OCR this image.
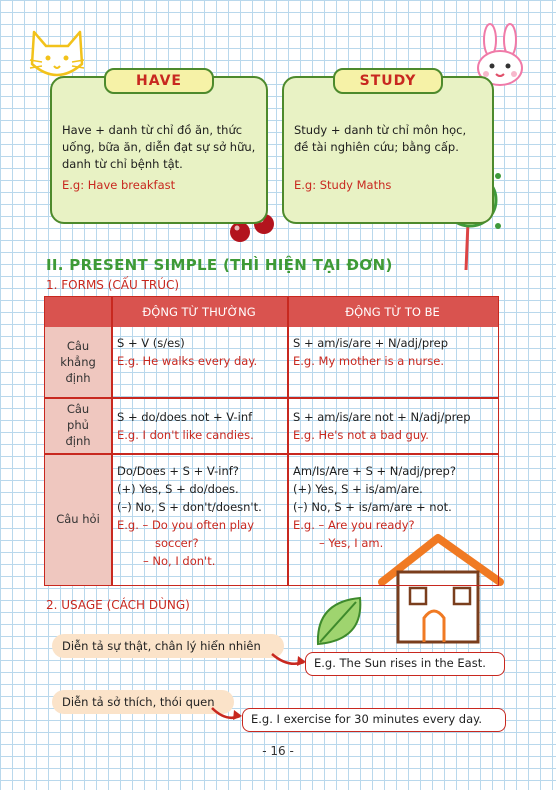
HAVE
Have + danh từ chỉ đồ ăn, thức uống, bữa ăn, diễn đạt sự sở hữu, danh từ chỉ bệnh tật.
E.g: Have breakfast
STUDY
Study + danh từ chỉ môn học, đề tài nghiên cứu; bằng cấp.
E.g: Study Maths
II. PRESENT SIMPLE (THÌ HIỆN TẠI ĐƠN)
1. FORMS (CẤU TRÚC)
ĐỘNG TỪ THƯỜNG	ĐỘNG TỪ TO BE
Câu khẳng định
Câu phủ định
Câu hỏi
S + V (s/es)
E.g. He walks every day.
S + am/is/are + N/adj/prep
E.g. My mother is a nurse.
S + do/does not + V-inf
E.g. I don't like candies.
S + am/is/are not + N/adj/prep
E.g. He's not a bad guy.
Do/Does + S + V-inf?
(+) Yes, S + do/does.
(–) No, S + don't/doesn't.
E.g. – Do you often play
soccer?
– No, I don't.
Am/Is/Are + S + N/adj/prep?
(+) Yes, S + is/am/are.
(–) No, S + is/am/are + not.
E.g. – Are you ready?
– Yes, I am.
2. USAGE (CÁCH DÙNG)
Diễn tả sự thật, chân lý hiển nhiên
E.g. The Sun rises in the East.
Diễn tả sở thích, thói quen
E.g. I exercise for 30 minutes every day.
- 16 -
